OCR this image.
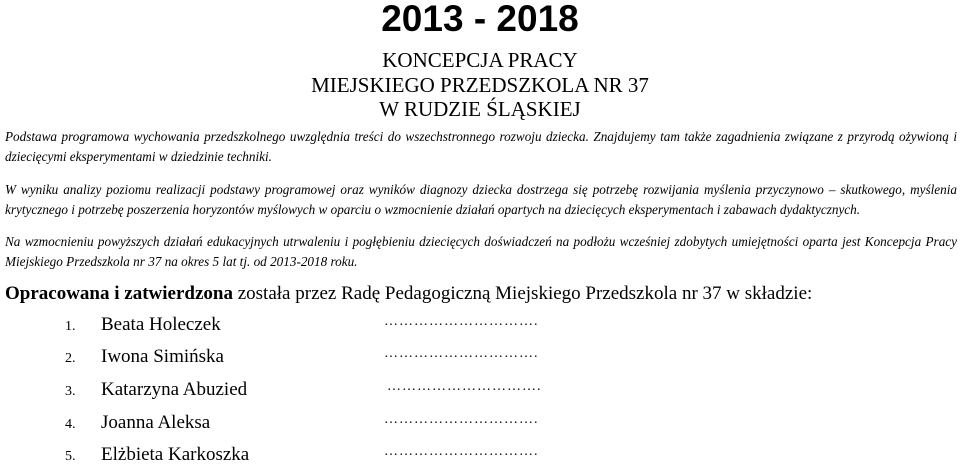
2013 - 2018
KONCEPCJA PRACY
MIEJSKIEGO PRZEDSZKOLA NR 37
W RUDZIE ŚLĄSKIEJ

Podstawa programowa wychowania przedszkolnego uwzględnia treści do wszechstronnego rozwoju dziecka. Znajdujemy tam także zagadnienia związane z przyrodą ożywioną i dziecięcymi eksperymentami w dziedzinie techniki.

W wyniku analizy poziomu realizacji podstawy programowej oraz wyników diagnozy dziecka dostrzega się potrzebę rozwijania myślenia przyczynowo – skutkowego, myślenia krytycznego i potrzebę poszerzenia horyzontów myślowych w oparciu o wzmocnienie działań opartych na dziecięcych eksperymentach i zabawach dydaktycznych.

Na wzmocnieniu powyższych działań edukacyjnych utrwaleniu i pogłębieniu dziecięcych doświadczeń na podłożu wcześniej zdobytych umiejętności oparta jest Koncepcja Pracy Miejskiego Przedszkola nr 37 na okres 5 lat tj. od 2013-2018 roku.

Opracowana i zatwierdzona została przez Radę Pedagogiczną Miejskiego Przedszkola nr 37 w składzie:
1. Beata Holeczek	………………………….
2. Iwona Simińska	………………………….
3. Katarzyna Abuzied	………………………….
4. Joanna Aleksa	………………………….
5. Elżbieta Karkoszka	………………………….
